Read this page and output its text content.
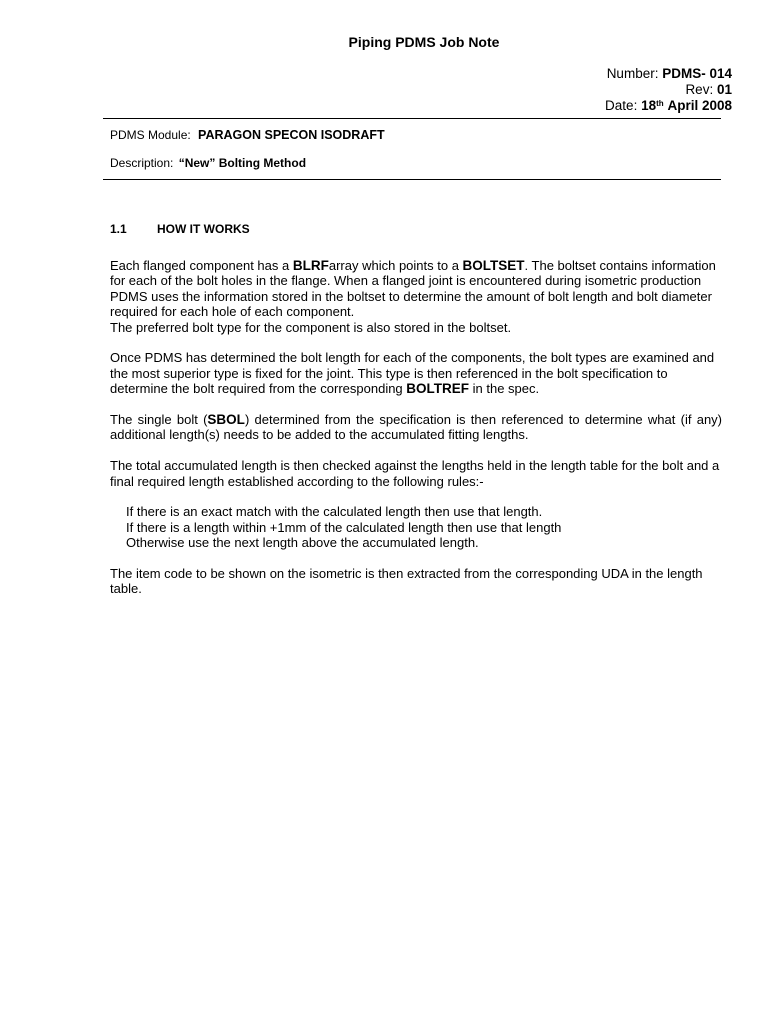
Piping PDMS Job Note
Number: PDMS- 014
Rev: 01
Date: 18th April 2008
PDMS Module: PARAGON SPECON ISODRAFT
Description: “New” Bolting Method
1.1	HOW IT WORKS

Each flanged component has a BLRFarray which points to a BOLTSET. The boltset contains information for each of the bolt holes in the flange. When a flanged joint is encountered during isometric production PDMS uses the information stored in the boltset to determine the amount of bolt length and bolt diameter required for each hole of each component.
The preferred bolt type for the component is also stored in the boltset.

Once PDMS has determined the bolt length for each of the components, the bolt types are examined and the most superior type is fixed for the joint. This type is then referenced in the bolt specification to determine the bolt required from the corresponding BOLTREF in the spec.

The single bolt (SBOL) determined from the specification is then referenced to determine what (if any) additional length(s) needs to be added to the accumulated fitting lengths.

The total accumulated length is then checked against the lengths held in the length table for the bolt and a final required length established according to the following rules:-

If there is an exact match with the calculated length then use that length.
If there is a length within +1mm of the calculated length then use that length
Otherwise use the next length above the accumulated length.

The item code to be shown on the isometric is then extracted from the corresponding UDA in the length table.
